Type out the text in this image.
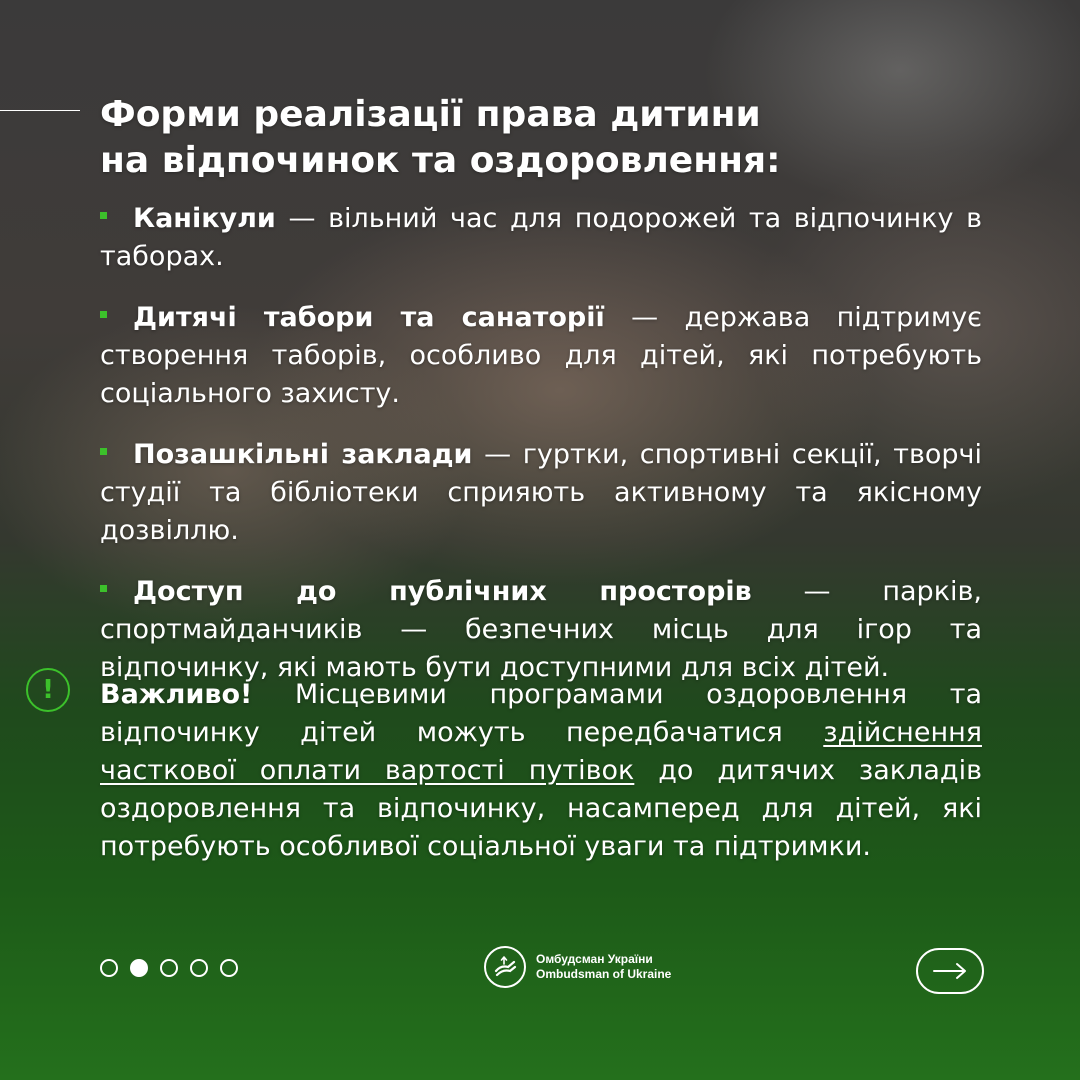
Форми реалізації права дитини
на відпочинок та оздоровлення:
Канікули — вільний час для подорожей та відпочинку в таборах.
Дитячі табори та санаторії — держава підтримує створення таборів, особливо для дітей, які потребують соціального захисту.
Позашкільні заклади — гуртки, спортивні секції, творчі студії та бібліотеки сприяють активному та якісному дозвіллю.
Доступ до публічних просторів — парків, спортмайданчиків — безпечних місць для ігор та відпочинку, які мають бути доступними для всіх дітей.
!	Важливо! Місцевими програмами оздоровлення та відпочинку дітей можуть передбачатися здійснення часткової оплати вартості путівок до дитячих закладів оздоровлення та відпочинку, насамперед для дітей, які потребують особливої соціальної уваги та підтримки.

Омбудсман України
Ombudsman of Ukraine
